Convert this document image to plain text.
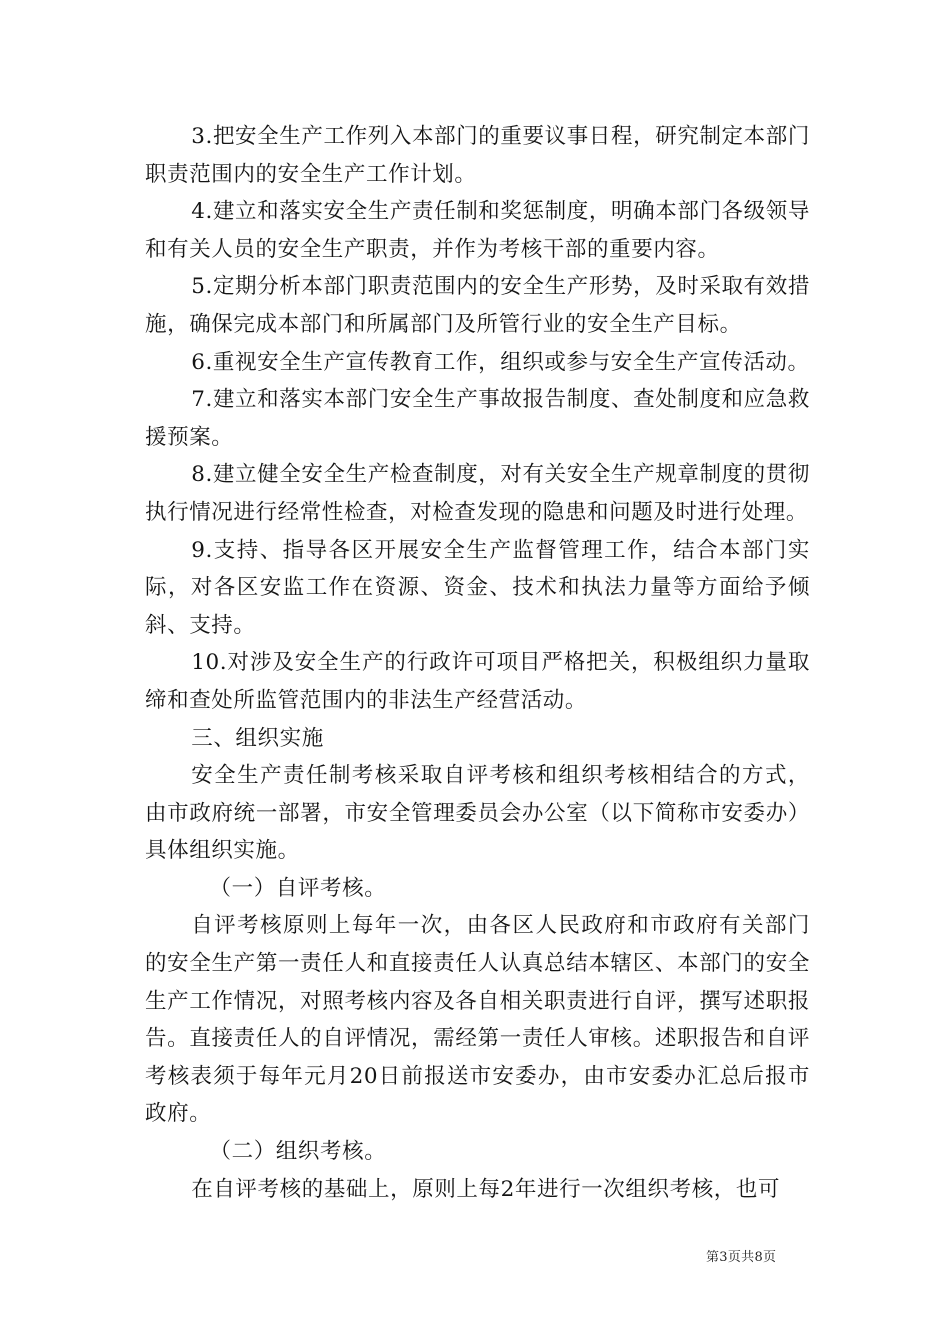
3.把安全生产工作列入本部门的重要议事日程，研究制定本部门职责范围内的安全生产工作计划。

4.建立和落实安全生产责任制和奖惩制度，明确本部门各级领导和有关人员的安全生产职责，并作为考核干部的重要内容。

5.定期分析本部门职责范围内的安全生产形势，及时采取有效措施，确保完成本部门和所属部门及所管行业的安全生产目标。

6.重视安全生产宣传教育工作，组织或参与安全生产宣传活动。

7.建立和落实本部门安全生产事故报告制度、查处制度和应急救援预案。

8.建立健全安全生产检查制度，对有关安全生产规章制度的贯彻执行情况进行经常性检查，对检查发现的隐患和问题及时进行处理。

9.支持、指导各区开展安全生产监督管理工作，结合本部门实际，对各区安监工作在资源、资金、技术和执法力量等方面给予倾斜、支持。

10.对涉及安全生产的行政许可项目严格把关，积极组织力量取缔和查处所监管范围内的非法生产经营活动。

三、组织实施

安全生产责任制考核采取自评考核和组织考核相结合的方式，由市政府统一部署，市安全管理委员会办公室（以下简称市安委办）具体组织实施。

（一）自评考核。

自评考核原则上每年一次，由各区人民政府和市政府有关部门的安全生产第一责任人和直接责任人认真总结本辖区、本部门的安全生产工作情况，对照考核内容及各自相关职责进行自评，撰写述职报告。直接责任人的自评情况，需经第一责任人审核。述职报告和自评考核表须于每年元月20日前报送市安委办，由市安委办汇总后报市政府。

（二）组织考核。

在自评考核的基础上，原则上每2年进行一次组织考核，也可

第3页共8页
